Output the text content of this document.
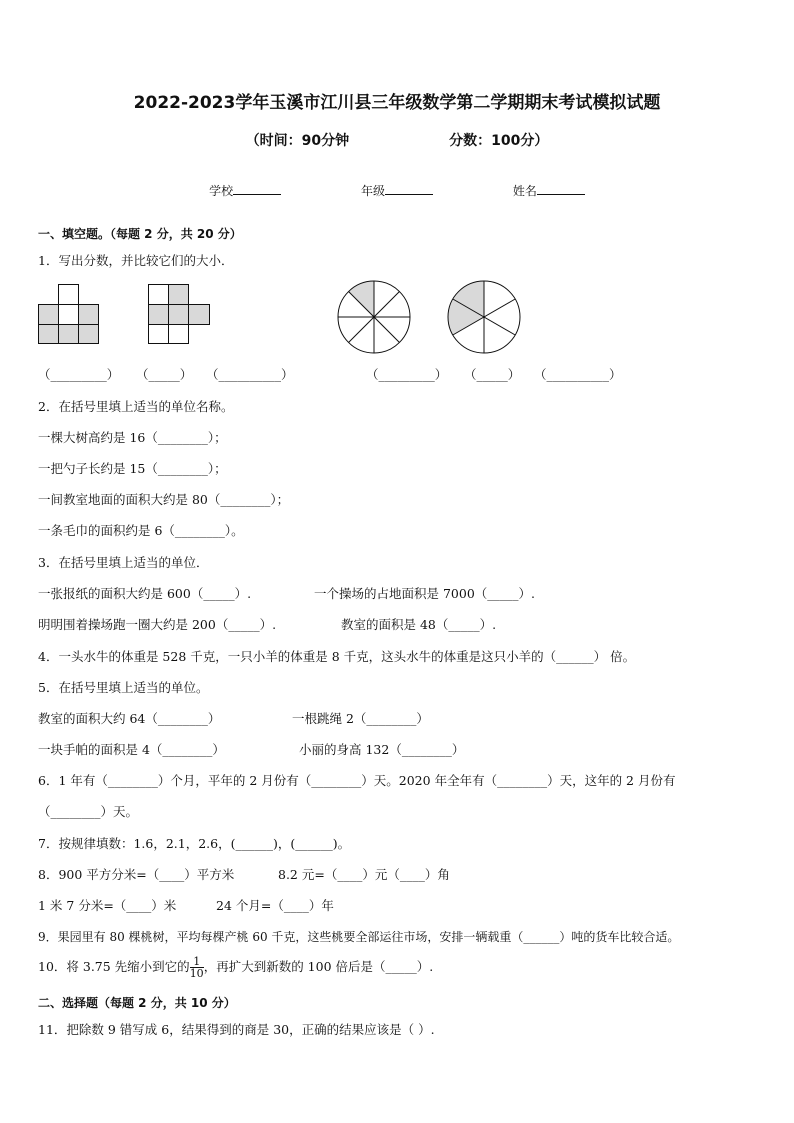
2022-2023学年玉溪市江川县三年级数学第二学期期末考试模拟试题
（时间：90分钟	分数：100分）
学校	年级	姓名
一、填空题。（每题 2 分，共 20 分）
1．写出分数，并比较它们的大小．
（_________） （_____） （__________）	（_________） （_____） （__________）
2．在括号里填上适当的单位名称。
一棵大树高约是 16（________）；
一把勺子长约是 15（________）；
一间教室地面的面积大约是 80（________）；
一条毛巾的面积约是 6（________）。
3．在括号里填上适当的单位．
一张报纸的面积大约是 600（_____）.	一个操场的占地面积是 7000（_____）.
明明围着操场跑一圈大约是 200（_____）.	教室的面积是 48（_____）.
4．一头水牛的体重是 528 千克，一只小羊的体重是 8 千克，这头水牛的体重是这只小羊的（______） 倍。
5．在括号里填上适当的单位。
教室的面积大约 64（________）	一根跳绳 2（________）
一块手帕的面积是 4（________）	小丽的身高 132（________）
6．1 年有（________）个月，平年的 2 月份有（________）天。2020 年全年有（________）天，这年的 2 月份有
（________）天。
7．按规律填数：1.6，2.1，2.6，(______)，(______)。
8．900 平方分米=（____）平方米	8.2 元=（____）元（____）角
1 米 7 分米=（____）米	24 个月=（____）年
9．果园里有 80 棵桃树，平均每棵产桃 60 千克，这些桃要全部运往市场，安排一辆载重（______）吨的货车比较合适。
10．将 3.75 先缩小到它的 $\frac{1}{10}$ ，再扩大到新数的 100 倍后是（_____）.
二、选择题（每题 2 分，共 10 分）
11．把除数 9 错写成 6，结果得到的商是 30，正确的结果应该是（ ）.
